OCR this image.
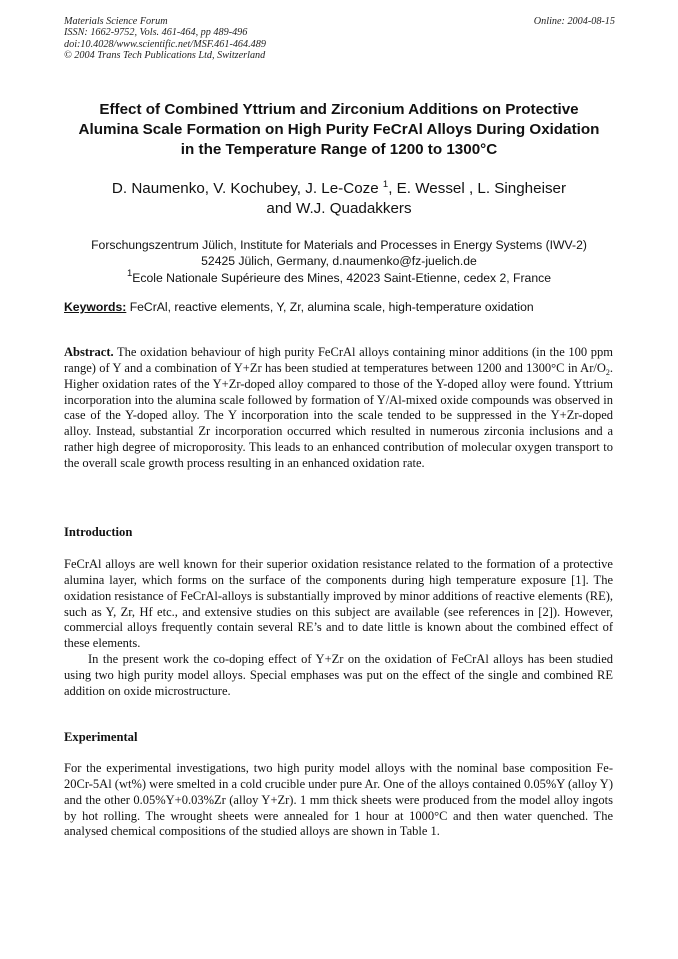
Materials Science Forum
ISSN: 1662-9752, Vols. 461-464, pp 489-496
doi:10.4028/www.scientific.net/MSF.461-464.489
© 2004 Trans Tech Publications Ltd, Switzerland
Online: 2004-08-15
Effect of Combined Yttrium and Zirconium Additions on Protective
Alumina Scale Formation on High Purity FeCrAl Alloys During Oxidation
in the Temperature Range of 1200 to 1300°C
D. Naumenko, V. Kochubey, J. Le-Coze $^1$, E. Wessel , L. Singheiser
and W.J. Quadakkers
Forschungszentrum Jülich, Institute for Materials and Processes in Energy Systems (IWV-2)
52425 Jülich, Germany, d.naumenko@fz-juelich.de
$^1$Ecole Nationale Supérieure des Mines, 42023 Saint-Etienne, cedex 2, France
Keywords: FeCrAl, reactive elements, Y, Zr, alumina scale, high-temperature oxidation

Abstract. The oxidation behaviour of high purity FeCrAl alloys containing minor additions (in the 100 ppm range) of Y and a combination of Y+Zr has been studied at temperatures between 1200 and 1300°C in $Ar/O_2$. Higher oxidation rates of the Y+Zr-doped alloy compared to those of the Y-doped alloy were found. Yttrium incorporation into the alumina scale followed by formation of Y/Al-mixed oxide compounds was observed in case of the Y-doped alloy. The Y incorporation into the scale tended to be suppressed in the Y+Zr-doped alloy. Instead, substantial Zr incorporation occurred which resulted in numerous zirconia inclusions and a rather high degree of microporosity. This leads to an enhanced contribution of molecular oxygen transport to the overall scale growth process resulting in an enhanced oxidation rate.

Introduction

FeCrAl alloys are well known for their superior oxidation resistance related to the formation of a protective alumina layer, which forms on the surface of the components during high temperature exposure [1]. The oxidation resistance of FeCrAl-alloys is substantially improved by minor additions of reactive elements (RE), such as Y, Zr, Hf etc., and extensive studies on this subject are available (see references in [2]). However, commercial alloys frequently contain several RE’s and to date little is known about the combined effect of these elements.

In the present work the co-doping effect of Y+Zr on the oxidation of FeCrAl alloys has been studied using two high purity model alloys. Special emphases was put on the effect of the single and combined RE addition on oxide microstructure.

Experimental

For the experimental investigations, two high purity model alloys with the nominal base composition Fe-20Cr-5Al (wt%) were smelted in a cold crucible under pure Ar. One of the alloys contained 0.05%Y (alloy Y) and the other 0.05%Y+0.03%Zr (alloy Y+Zr). 1 mm thick sheets were produced from the model alloy ingots by hot rolling. The wrought sheets were annealed for 1 hour at 1000°C and then water quenched. The analysed chemical compositions of the studied alloys are shown in Table 1.
